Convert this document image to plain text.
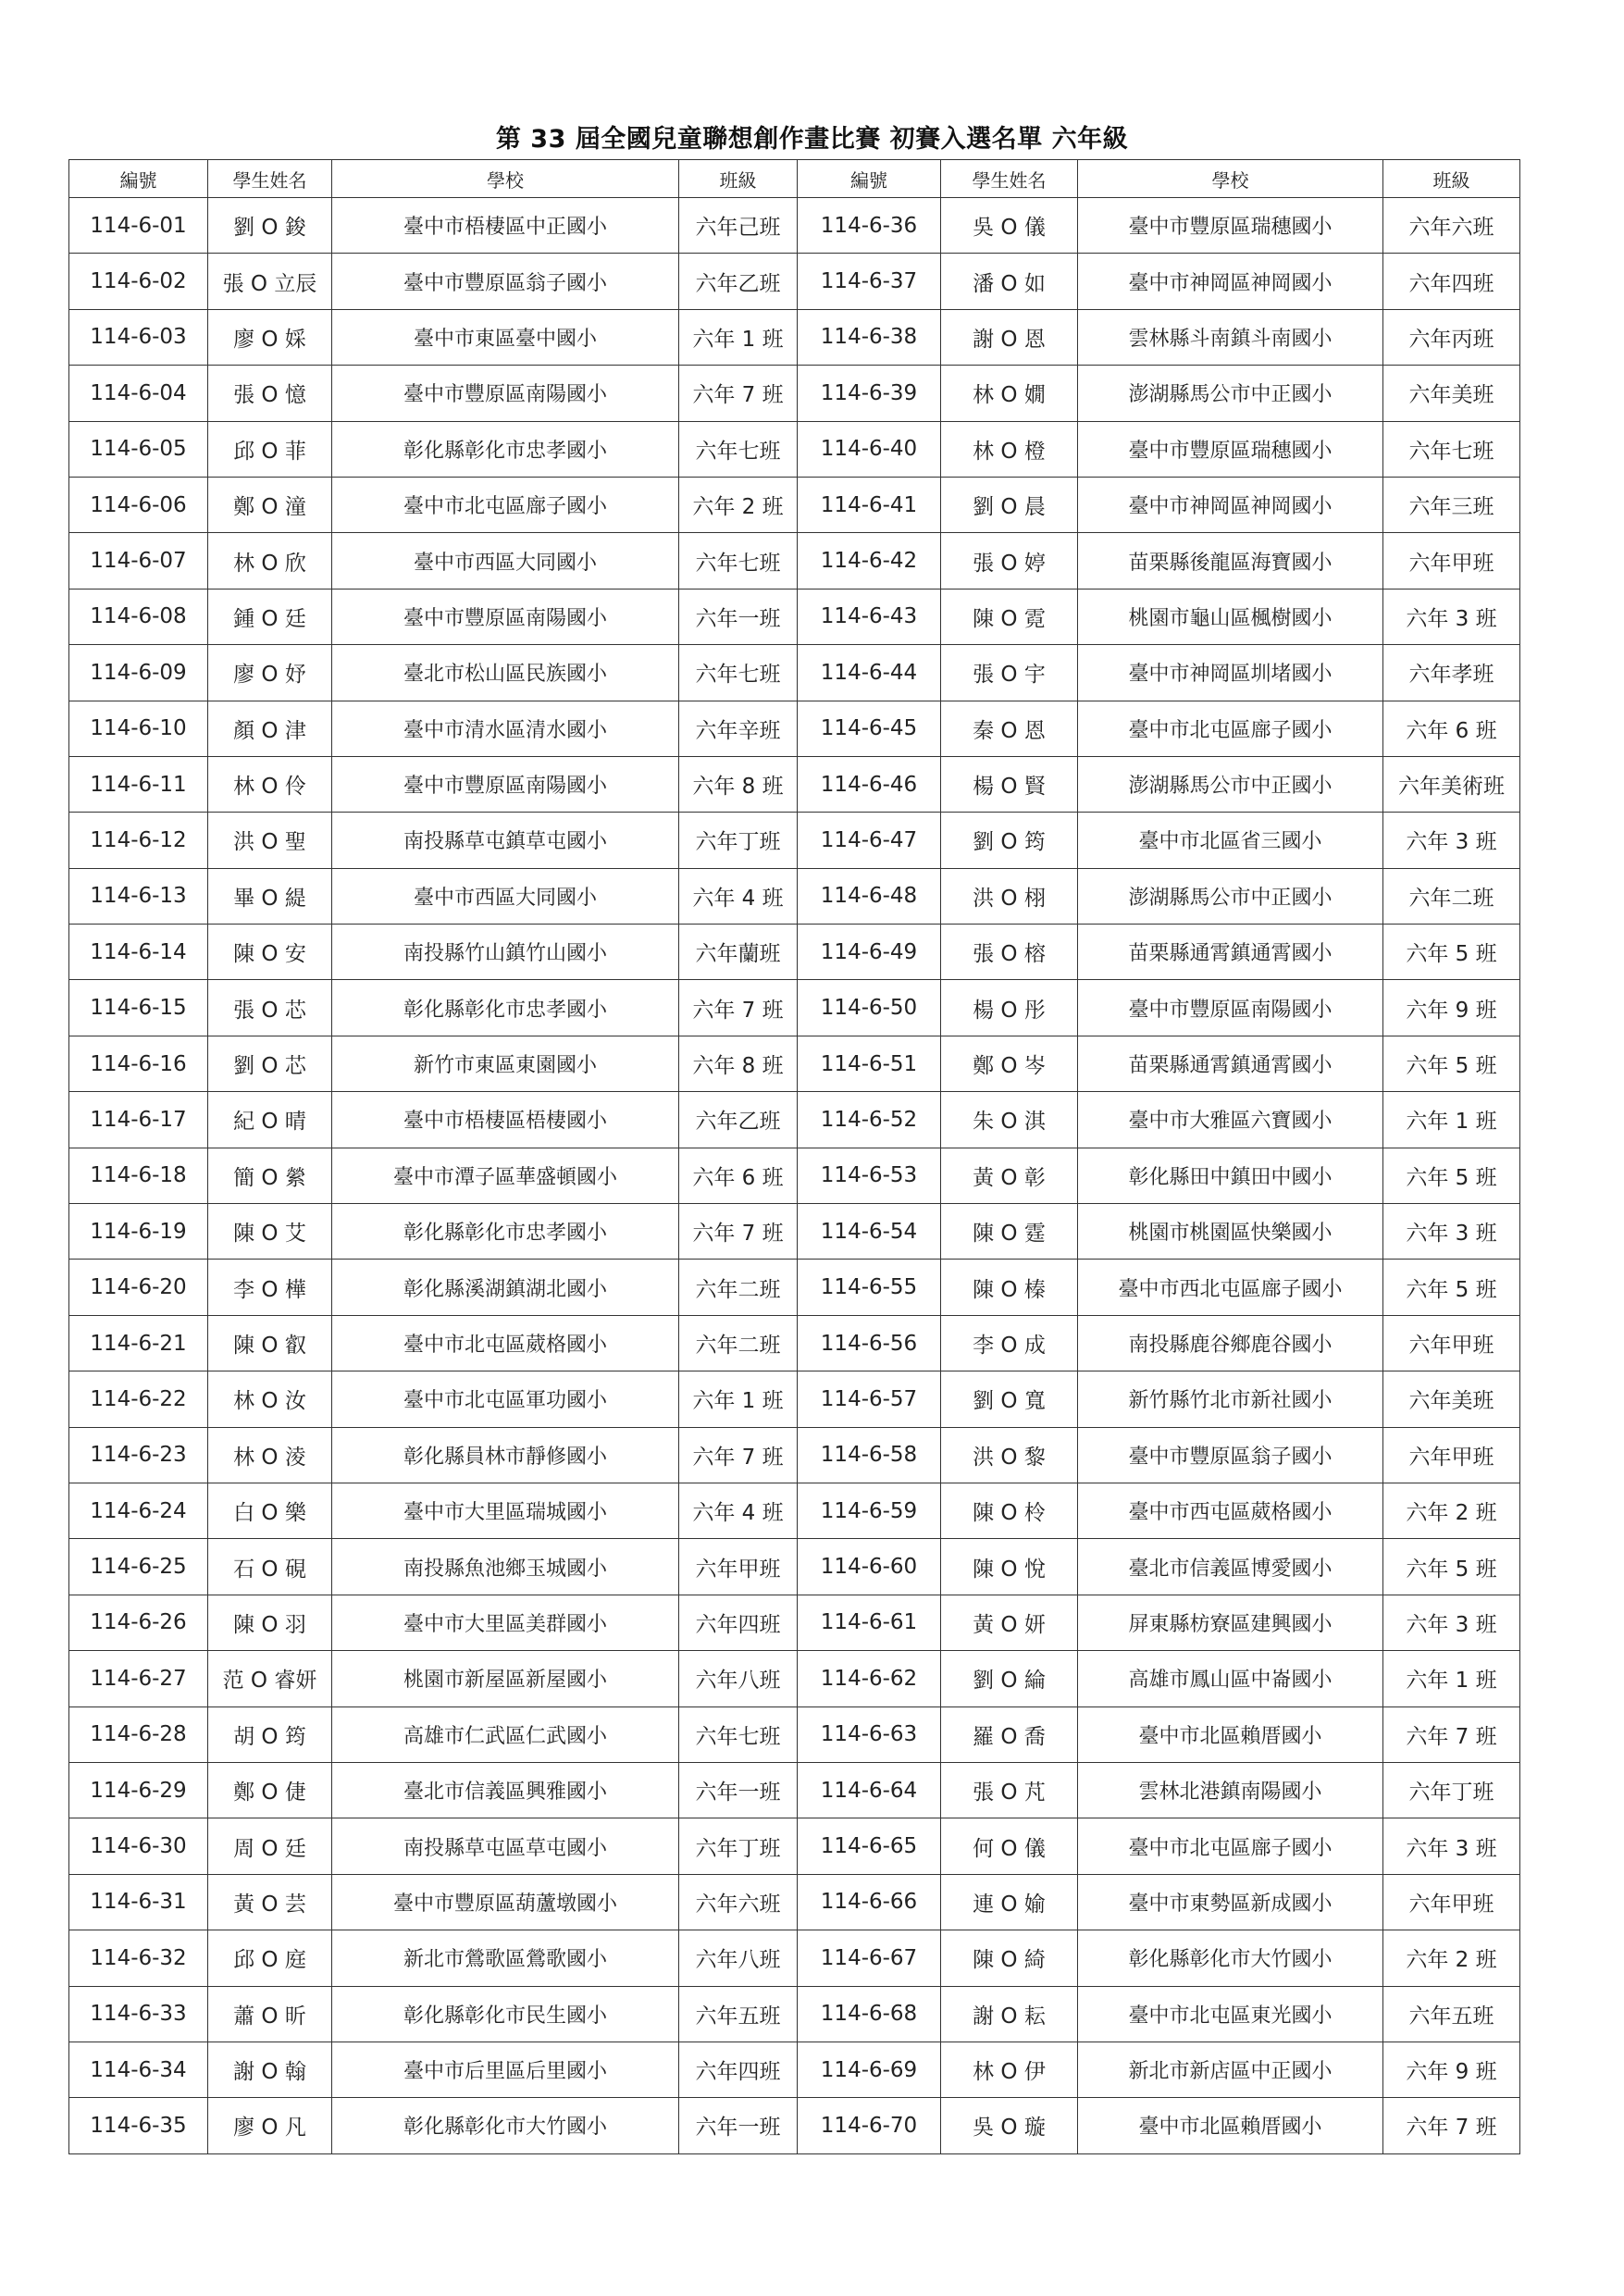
第 33 屆全國兒童聯想創作畫比賽 初賽入選名單 六年級
編號	學生姓名	學校	班級	編號	學生姓名	學校	班級
114-6-01	劉 O 鋑	臺中市梧棲區中正國小	六年己班	114-6-36	吳 O 儀	臺中市豐原區瑞穗國小	六年六班
114-6-02	張 O 立辰	臺中市豐原區翁子國小	六年乙班	114-6-37	潘 O 如	臺中市神岡區神岡國小	六年四班
114-6-03	廖 O 婇	臺中市東區臺中國小	六年 1 班	114-6-38	謝 O 恩	雲林縣斗南鎮斗南國小	六年丙班
114-6-04	張 O 憶	臺中市豐原區南陽國小	六年 7 班	114-6-39	林 O 嫺	澎湖縣馬公市中正國小	六年美班
114-6-05	邱 O 菲	彰化縣彰化市忠孝國小	六年七班	114-6-40	林 O 橙	臺中市豐原區瑞穗國小	六年七班
114-6-06	鄭 O 潼	臺中市北屯區廍子國小	六年 2 班	114-6-41	劉 O 晨	臺中市神岡區神岡國小	六年三班
114-6-07	林 O 欣	臺中市西區大同國小	六年七班	114-6-42	張 O 婷	苗栗縣後龍區海寶國小	六年甲班
114-6-08	鍾 O 廷	臺中市豐原區南陽國小	六年一班	114-6-43	陳 O 霓	桃園市龜山區楓樹國小	六年 3 班
114-6-09	廖 O 妤	臺北市松山區民族國小	六年七班	114-6-44	張 O 宇	臺中市神岡區圳堵國小	六年孝班
114-6-10	顏 O 津	臺中市清水區清水國小	六年辛班	114-6-45	秦 O 恩	臺中市北屯區廍子國小	六年 6 班
114-6-11	林 O 伶	臺中市豐原區南陽國小	六年 8 班	114-6-46	楊 O 賢	澎湖縣馬公市中正國小	六年美術班
114-6-12	洪 O 聖	南投縣草屯鎮草屯國小	六年丁班	114-6-47	劉 O 筠	臺中市北區省三國小	六年 3 班
114-6-13	畢 O 緹	臺中市西區大同國小	六年 4 班	114-6-48	洪 O 栩	澎湖縣馬公市中正國小	六年二班
114-6-14	陳 O 安	南投縣竹山鎮竹山國小	六年蘭班	114-6-49	張 O 榕	苗栗縣通霄鎮通霄國小	六年 5 班
114-6-15	張 O 芯	彰化縣彰化市忠孝國小	六年 7 班	114-6-50	楊 O 彤	臺中市豐原區南陽國小	六年 9 班
114-6-16	劉 O 芯	新竹市東區東園國小	六年 8 班	114-6-51	鄭 O 岑	苗栗縣通霄鎮通霄國小	六年 5 班
114-6-17	紀 O 晴	臺中市梧棲區梧棲國小	六年乙班	114-6-52	朱 O 淇	臺中市大雅區六寶國小	六年 1 班
114-6-18	簡 O 縈	臺中市潭子區華盛頓國小	六年 6 班	114-6-53	黃 O 彰	彰化縣田中鎮田中國小	六年 5 班
114-6-19	陳 O 艾	彰化縣彰化市忠孝國小	六年 7 班	114-6-54	陳 O 霆	桃園市桃園區快樂國小	六年 3 班
114-6-20	李 O 樺	彰化縣溪湖鎮湖北國小	六年二班	114-6-55	陳 O 榛	臺中市西北屯區廍子國小	六年 5 班
114-6-21	陳 O 叡	臺中市北屯區葳格國小	六年二班	114-6-56	李 O 成	南投縣鹿谷鄉鹿谷國小	六年甲班
114-6-22	林 O 汝	臺中市北屯區軍功國小	六年 1 班	114-6-57	劉 O 寬	新竹縣竹北市新社國小	六年美班
114-6-23	林 O 淩	彰化縣員林市靜修國小	六年 7 班	114-6-58	洪 O 黎	臺中市豐原區翁子國小	六年甲班
114-6-24	白 O 樂	臺中市大里區瑞城國小	六年 4 班	114-6-59	陳 O 柃	臺中市西屯區葳格國小	六年 2 班
114-6-25	石 O 硯	南投縣魚池鄉玉城國小	六年甲班	114-6-60	陳 O 悅	臺北市信義區博愛國小	六年 5 班
114-6-26	陳 O 羽	臺中市大里區美群國小	六年四班	114-6-61	黃 O 妍	屏東縣枋寮區建興國小	六年 3 班
114-6-27	范 O 睿妍	桃園市新屋區新屋國小	六年八班	114-6-62	劉 O 綸	高雄市鳳山區中崙國小	六年 1 班
114-6-28	胡 O 筠	高雄市仁武區仁武國小	六年七班	114-6-63	羅 O 喬	臺中市北區賴厝國小	六年 7 班
114-6-29	鄭 O 倢	臺北市信義區興雅國小	六年一班	114-6-64	張 O 芃	雲林北港鎮南陽國小	六年丁班
114-6-30	周 O 廷	南投縣草屯區草屯國小	六年丁班	114-6-65	何 O 儀	臺中市北屯區廍子國小	六年 3 班
114-6-31	黃 O 芸	臺中市豐原區葫蘆墩國小	六年六班	114-6-66	連 O 媮	臺中市東勢區新成國小	六年甲班
114-6-32	邱 O 庭	新北市鶯歌區鶯歌國小	六年八班	114-6-67	陳 O 綺	彰化縣彰化市大竹國小	六年 2 班
114-6-33	蕭 O 昕	彰化縣彰化市民生國小	六年五班	114-6-68	謝 O 耘	臺中市北屯區東光國小	六年五班
114-6-34	謝 O 翰	臺中市后里區后里國小	六年四班	114-6-69	林 O 伊	新北市新店區中正國小	六年 9 班
114-6-35	廖 O 凡	彰化縣彰化市大竹國小	六年一班	114-6-70	吳 O 璇	臺中市北區賴厝國小	六年 7 班
